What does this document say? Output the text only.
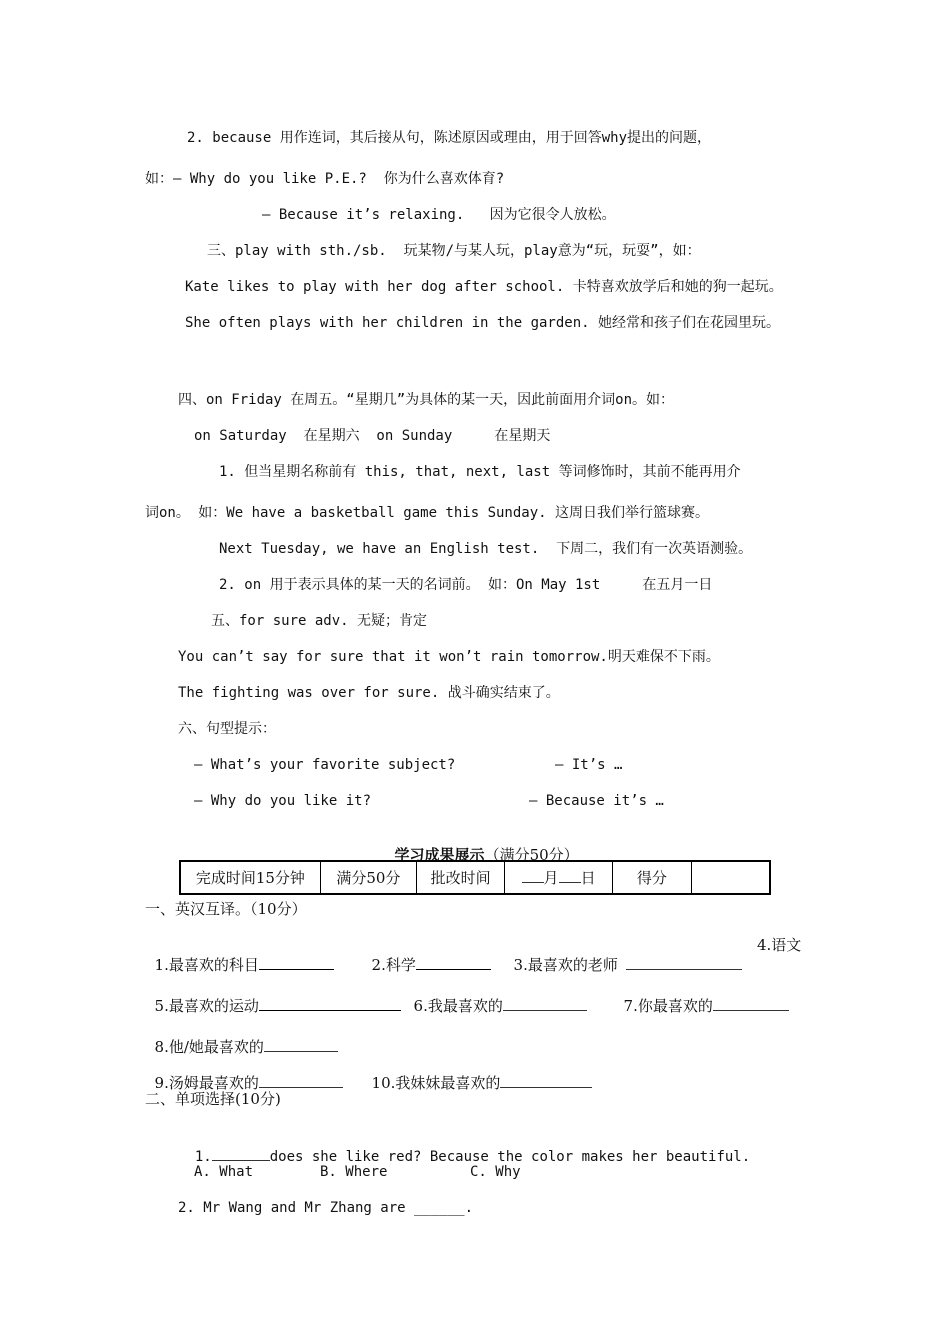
2. because 用作连词，其后接从句，陈述原因或理由，用于回答why提出的问题，
如：— Why do you like P.E.?  你为什么喜欢体育?
— Because it’s relaxing.   因为它很令人放松。
三、play with sth./sb.  玩某物/与某人玩，play意为“玩，玩耍”，如：
Kate likes to play with her dog after school. 卡特喜欢放学后和她的狗一起玩。
She often plays with her children in the garden. 她经常和孩子们在花园里玩。
四、on Friday 在周五。“星期几”为具体的某一天，因此前面用介词on。如：
on Saturday  在星期六  on Sunday     在星期天
1. 但当星期名称前有 this, that, next, last 等词修饰时，其前不能再用介
词on。 如：We have a basketball game this Sunday. 这周日我们举行篮球赛。
Next Tuesday, we have an English test.  下周二，我们有一次英语测验。
2. on 用于表示具体的某一天的名词前。 如：On May 1st     在五月一日
五、for sure adv. 无疑；肯定
You can’t say for sure that it won’t rain tomorrow.明天难保不下雨。
The fighting was over for sure. 战斗确实结束了。
六、句型提示：
— What’s your favorite subject?	— It’s …
— Why do you like it?	— Because it’s …

学习成果展示（满分50分）

完成时间15分钟	满分50分	批改时间	月 日	得分	
一、英汉互译。（10分）

1.最喜欢的科目	2.科学	3.最喜欢的老师

4.语文

5.最喜欢的运动	6.我最喜欢的	7.你最喜欢的

8.他/她最喜欢的

9.汤姆最喜欢的	10.我妹妹最喜欢的

二、单项选择(10分)

1.	does she like red? Because the color makes her beautiful.

A. What	B. Where	C. Why
2. Mr Wang and Mr Zhang are ______.
